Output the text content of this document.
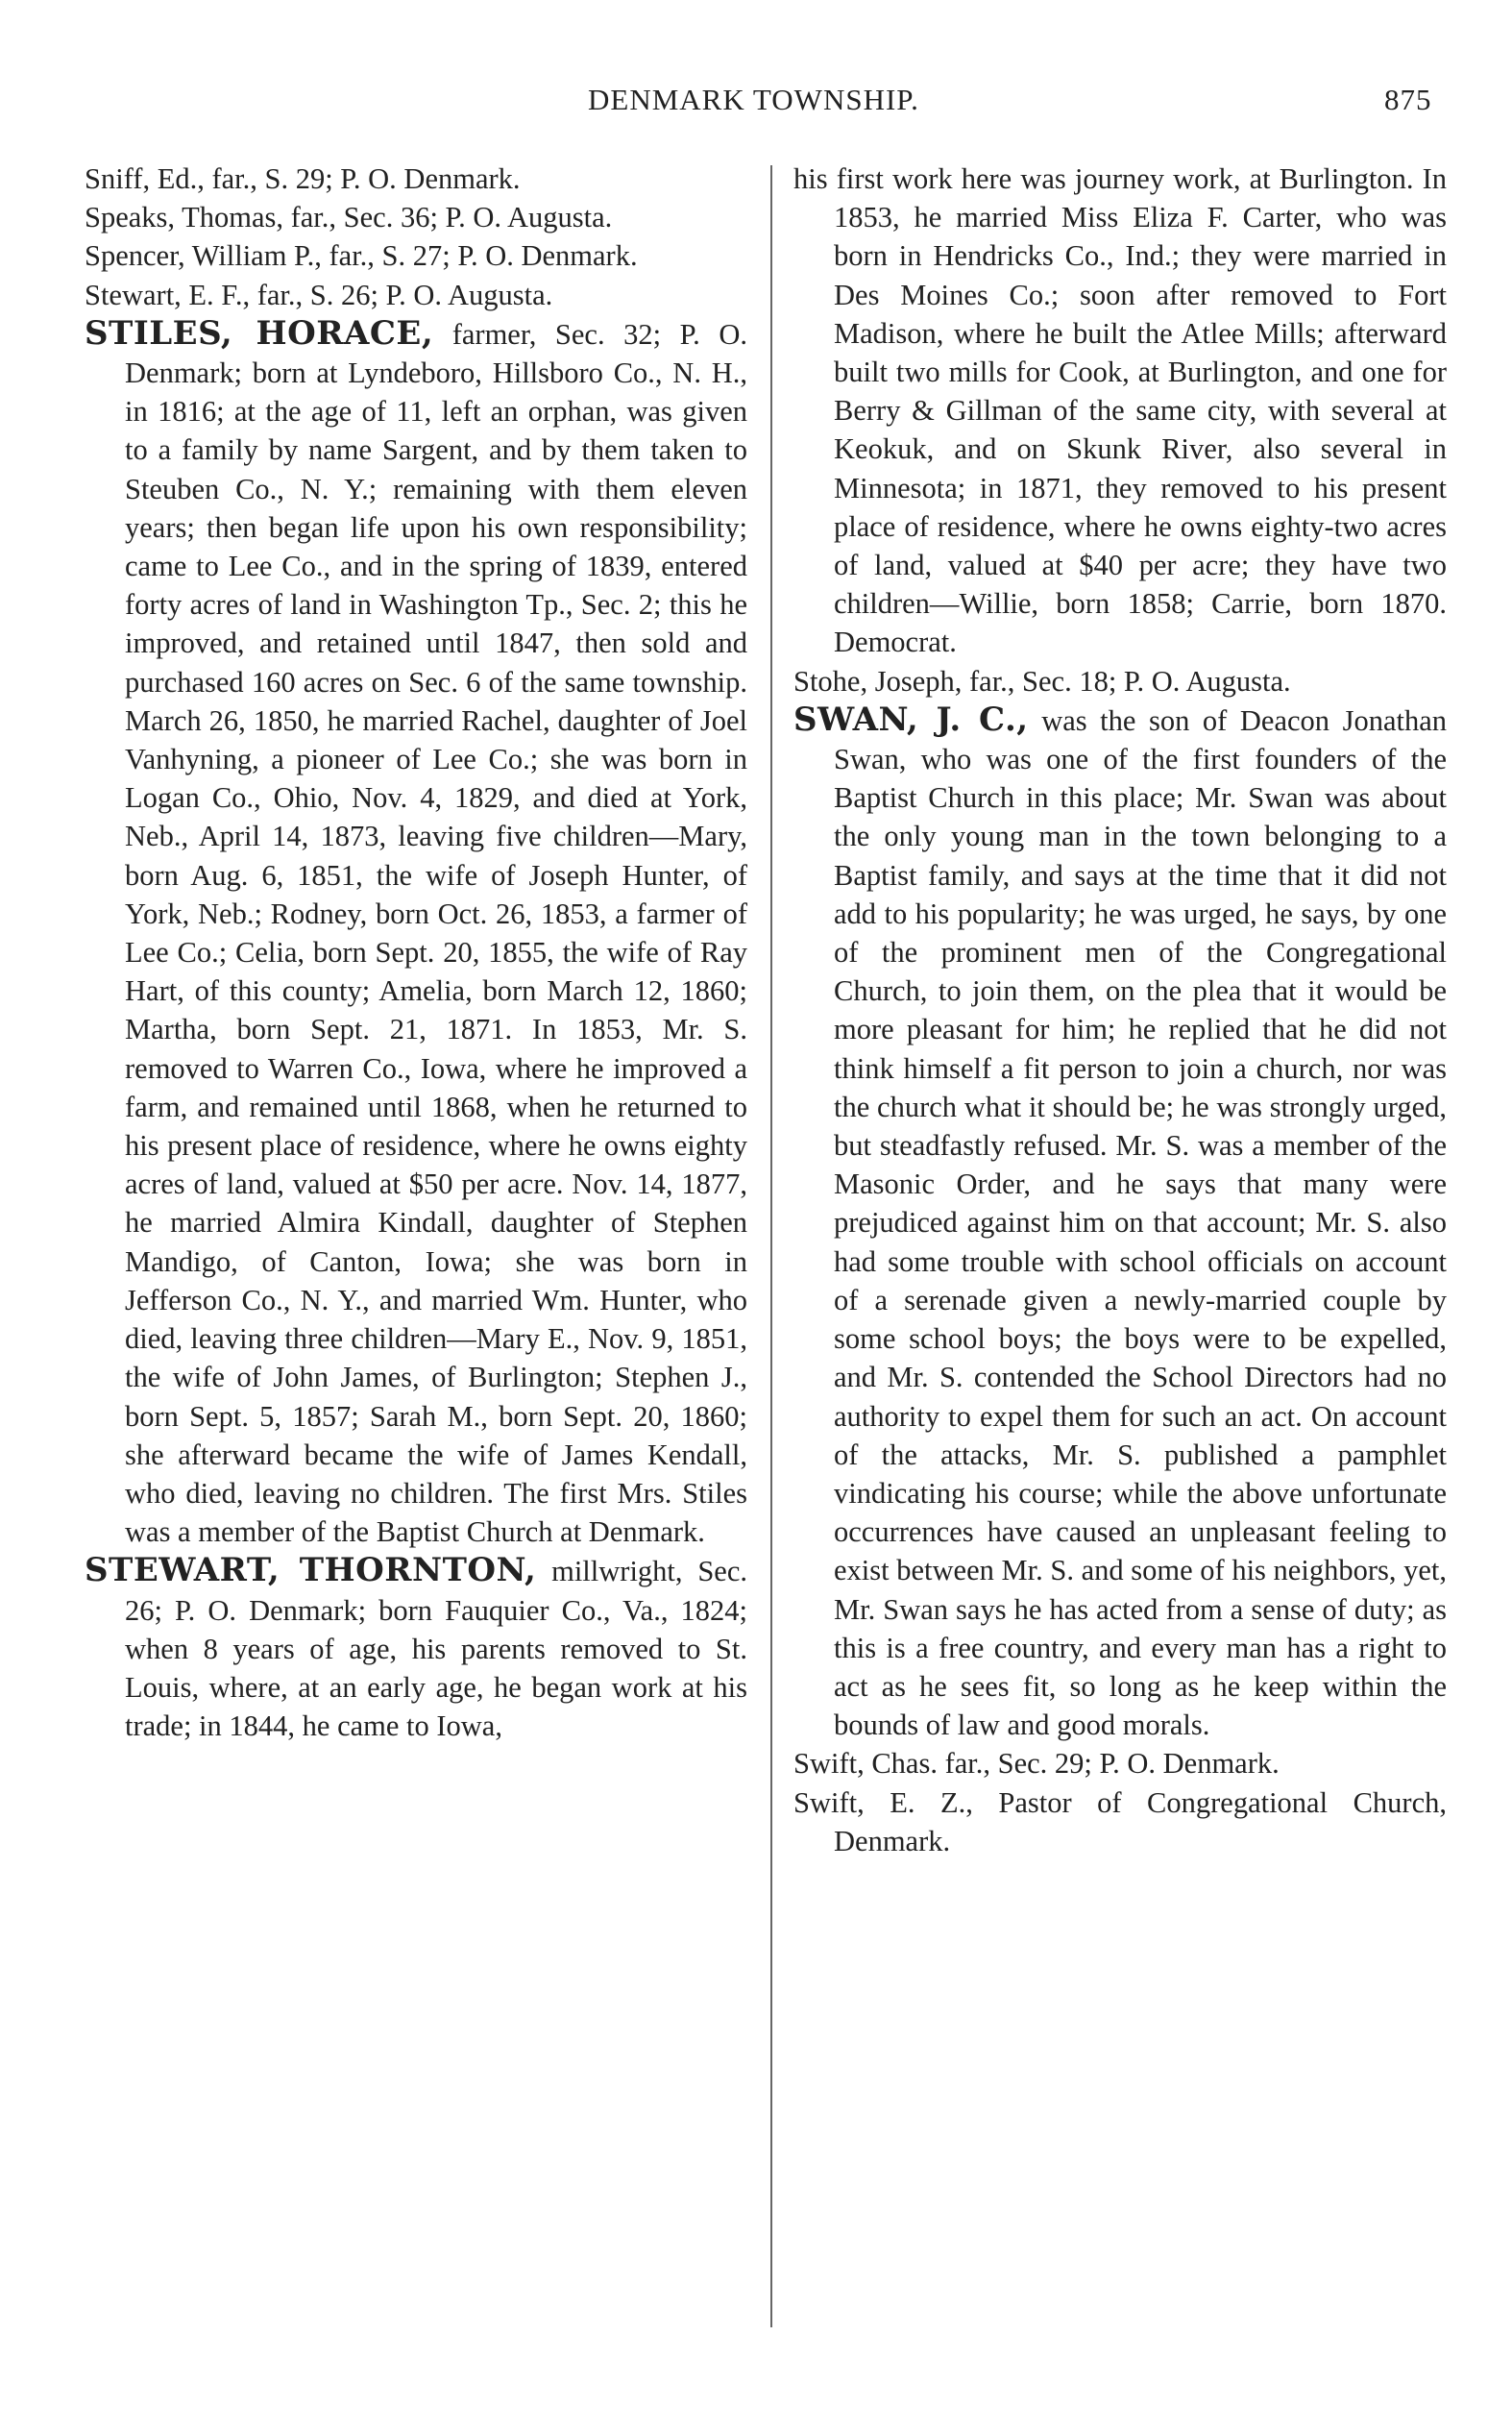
DENMARK TOWNSHIP.	875

Sniff, Ed., far., S. 29; P. O. Denmark.

Speaks, Thomas, far., Sec. 36; P. O. Augusta.

Spencer, William P., far., S. 27; P. O. Denmark.

Stewart, E. F., far., S. 26; P. O. Augusta.

STILES, HORACE, farmer, Sec. 32; P. O. Denmark; born at Lyndeboro, Hillsboro Co., N. H., in 1816; at the age of 11, left an orphan, was given to a family by name Sargent, and by them taken to Steuben Co., N. Y.; remaining with them eleven years; then began life upon his own responsibility; came to Lee Co., and in the spring of 1839, entered forty acres of land in Washington Tp., Sec. 2; this he improved, and retained until 1847, then sold and purchased 160 acres on Sec. 6 of the same township. March 26, 1850, he married Rachel, daughter of Joel Vanhyning, a pioneer of Lee Co.; she was born in Logan Co., Ohio, Nov. 4, 1829, and died at York, Neb., April 14, 1873, leaving five children—Mary, born Aug. 6, 1851, the wife of Joseph Hunter, of York, Neb.; Rodney, born Oct. 26, 1853, a farmer of Lee Co.; Celia, born Sept. 20, 1855, the wife of Ray Hart, of this county; Amelia, born March 12, 1860; Martha, born Sept. 21, 1871. In 1853, Mr. S. removed to Warren Co., Iowa, where he improved a farm, and remained until 1868, when he returned to his present place of residence, where he owns eighty acres of land, valued at $50 per acre. Nov. 14, 1877, he married Almira Kindall, daughter of Stephen Mandigo, of Canton, Iowa; she was born in Jefferson Co., N. Y., and married Wm. Hunter, who died, leaving three children—Mary E., Nov. 9, 1851, the wife of John James, of Burlington; Stephen J., born Sept. 5, 1857; Sarah M., born Sept. 20, 1860; she afterward became the wife of James Kendall, who died, leaving no children. The first Mrs. Stiles was a member of the Baptist Church at Denmark.

STEWART, THORNTON, millwright, Sec. 26; P. O. Denmark; born Fauquier Co., Va., 1824; when 8 years of age, his parents removed to St. Louis, where, at an early age, he began work at his trade; in 1844, he came to Iowa,

his first work here was journey work, at Burlington. In 1853, he married Miss Eliza F. Carter, who was born in Hendricks Co., Ind.; they were married in Des Moines Co.; soon after removed to Fort Madison, where he built the Atlee Mills; afterward built two mills for Cook, at Burlington, and one for Berry & Gillman of the same city, with several at Keokuk, and on Skunk River, also several in Minnesota; in 1871, they removed to his present place of residence, where he owns eighty-two acres of land, valued at $40 per acre; they have two children—Willie, born 1858; Carrie, born 1870. Democrat.

Stohe, Joseph, far., Sec. 18; P. O. Augusta.

SWAN, J. C., was the son of Deacon Jonathan Swan, who was one of the first founders of the Baptist Church in this place; Mr. Swan was about the only young man in the town belonging to a Baptist family, and says at the time that it did not add to his popularity; he was urged, he says, by one of the prominent men of the Congregational Church, to join them, on the plea that it would be more pleasant for him; he replied that he did not think himself a fit person to join a church, nor was the church what it should be; he was strongly urged, but steadfastly refused. Mr. S. was a member of the Masonic Order, and he says that many were prejudiced against him on that account; Mr. S. also had some trouble with school officials on account of a serenade given a newly-married couple by some school boys; the boys were to be expelled, and Mr. S. contended the School Directors had no authority to expel them for such an act. On account of the attacks, Mr. S. published a pamphlet vindicating his course; while the above unfortunate occurrences have caused an unpleasant feeling to exist between Mr. S. and some of his neighbors, yet, Mr. Swan says he has acted from a sense of duty; as this is a free country, and every man has a right to act as he sees fit, so long as he keep within the bounds of law and good morals.

Swift, Chas. far., Sec. 29; P. O. Denmark.

Swift, E. Z., Pastor of Congregational Church, Denmark.
